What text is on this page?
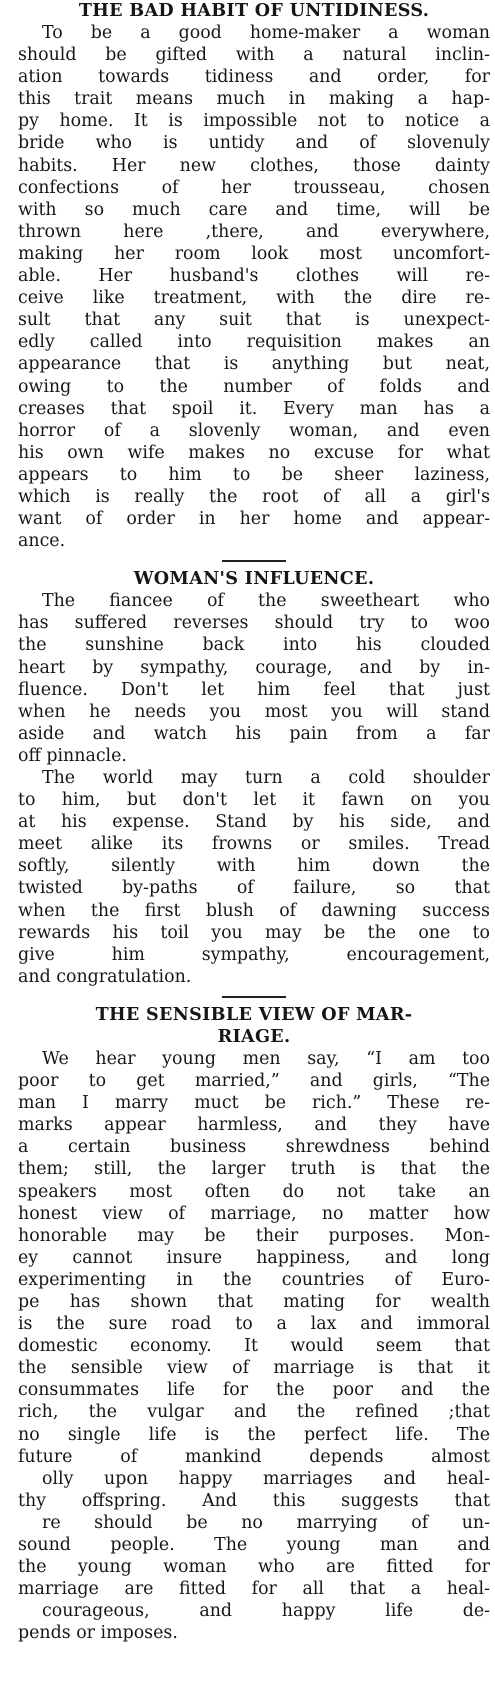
THE BAD HABIT OF UNTIDINESS.
To be a good home-maker a woman
should be gifted with a natural inclin-
ation towards tidiness and order, for
this trait means much in making a hap-
py home. It is impossible not to notice a
bride who is untidy and of slovenuly
habits. Her new clothes, those dainty
confections of her trousseau, chosen
with so much care and time, will be
thrown here ,there, and everywhere,
making her room look most uncomfort-
able. Her husband's clothes will re-
ceive like treatment, with the dire re-
sult that any suit that is unexpect-
edly called into requisition makes an
appearance that is anything but neat,
owing to the number of folds and
creases that spoil it. Every man has a
horror of a slovenly woman, and even
his own wife makes no excuse for what
appears to him to be sheer laziness,
which is really the root of all a girl's
want of order in her home and appear-
ance.
WOMAN'S INFLUENCE.
The fiancee of the sweetheart who
has suffered reverses should try to woo
the sunshine back into his clouded
heart by sympathy, courage, and by in-
fluence. Don't let him feel that just
when he needs you most you will stand
aside and watch his pain from a far
off pinnacle.
The world may turn a cold shoulder
to him, but don't let it fawn on you
at his expense. Stand by his side, and
meet alike its frowns or smiles. Tread
softly, silently with him down the
twisted by-paths of failure, so that
when the first blush of dawning success
rewards his toil you may be the one to
give him sympathy, encouragement,
and congratulation.
THE SENSIBLE VIEW OF MAR-
RIAGE.
We hear young men say, “I am too
poor to get married,” and girls, “The
man I marry muct be rich.” These re-
marks appear harmless, and they have
a certain business shrewdness behind
them; still, the larger truth is that the
speakers most often do not take an
honest view of marriage, no matter how
honorable may be their purposes. Mon-
ey cannot insure happiness, and long
experimenting in the countries of Euro-
pe has shown that mating for wealth
is the sure road to a lax and immoral
domestic economy. It would seem that
the sensible view of marriage is that it
consummates life for the poor and the
rich, the vulgar and the refined ;that
no single life is the perfect life. The
future of mankind depends almost
olly upon happy marriages and heal-
thy offspring. And this suggests that
re should be no marrying of un-
sound people. The young man and
the young woman who are fitted for
marriage are fitted for all that a heal-
courageous, and happy life de-
pends or imposes.
